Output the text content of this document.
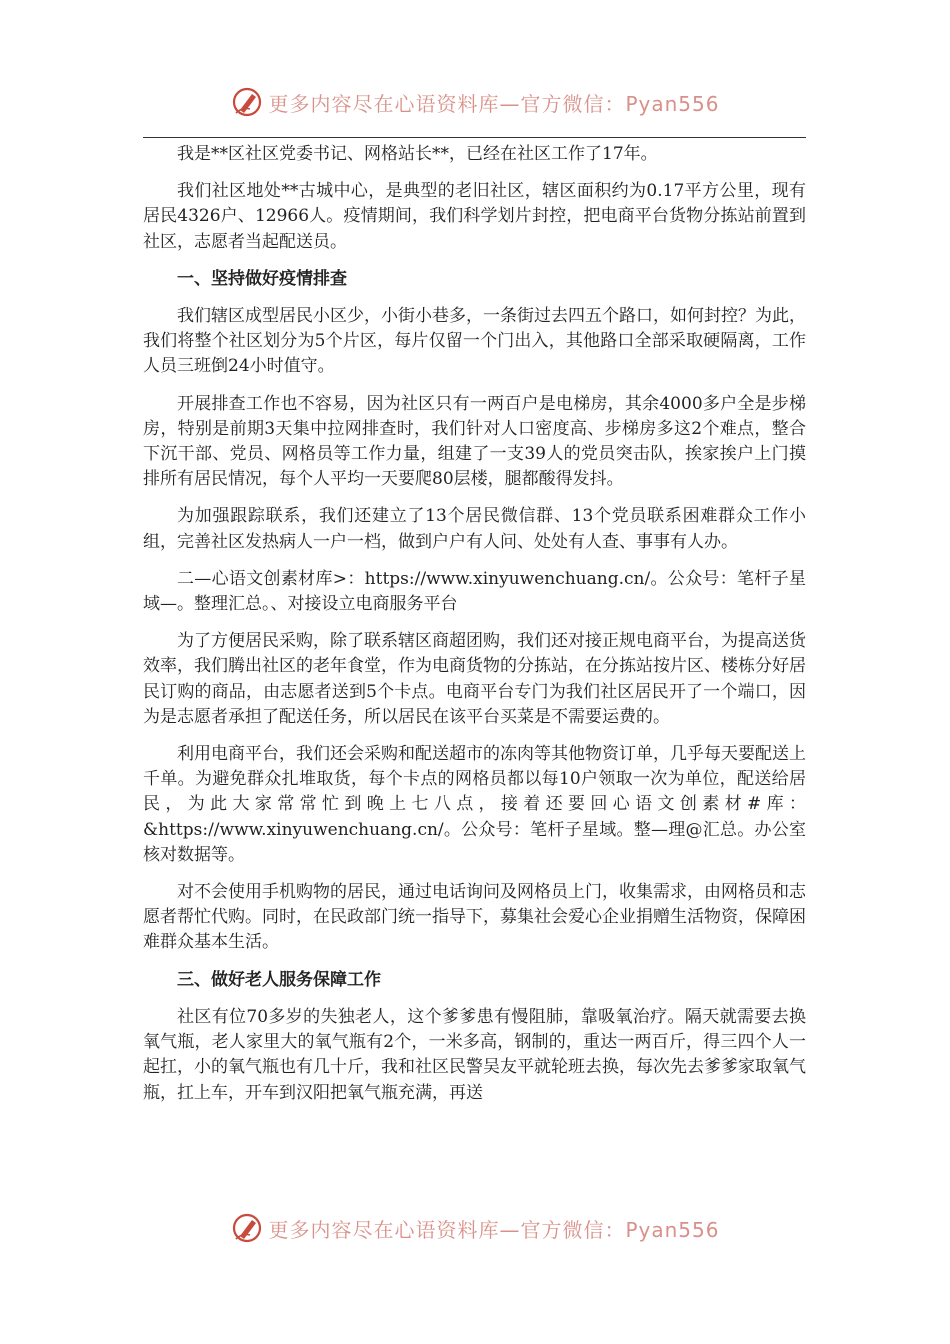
更多内容尽在心语资料库—官方微信：Pyan556

我是**区社区党委书记、网格站长**，已经在社区工作了17年。

我们社区地处**古城中心，是典型的老旧社区，辖区面积约为0.17平方公里，现有居民4326户、12966人。疫情期间，我们科学划片封控，把电商平台货物分拣站前置到社区，志愿者当起配送员。

一、坚持做好疫情排查

我们辖区成型居民小区少，小街小巷多，一条街过去四五个路口，如何封控？为此，我们将整个社区划分为5个片区，每片仅留一个门出入，其他路口全部采取硬隔离，工作人员三班倒24小时值守。

开展排查工作也不容易，因为社区只有一两百户是电梯房，其余4000多户全是步梯房，特别是前期3天集中拉网排查时，我们针对人口密度高、步梯房多这2个难点，整合下沉干部、党员、网格员等工作力量，组建了一支39人的党员突击队，挨家挨户上门摸排所有居民情况，每个人平均一天要爬80层楼，腿都酸得发抖。

为加强跟踪联系，我们还建立了13个居民微信群、13个党员联系困难群众工作小组，完善社区发热病人一户一档，做到户户有人问、处处有人查、事事有人办。

二—心语文创素材库>：https://www.xinyuwenchuang.cn/。公众号：笔杆子星域—。整理汇总。、对接设立电商服务平台

为了方便居民采购，除了联系辖区商超团购，我们还对接正规电商平台，为提高送货效率，我们腾出社区的老年食堂，作为电商货物的分拣站，在分拣站按片区、楼栋分好居民订购的商品，由志愿者送到5个卡点。电商平台专门为我们社区居民开了一个端口，因为是志愿者承担了配送任务，所以居民在该平台买菜是不需要运费的。

利用电商平台，我们还会采购和配送超市的冻肉等其他物资订单，几乎每天要配送上千单。为避免群众扎堆取货，每个卡点的网格员都以每10户领取一次为单位，配送给居民，为此大家常常忙到晚上七八点，接着还要回心语文创素材#库：&https://www.xinyuwenchuang.cn/。公众号：笔杆子星域。整—理@汇总。办公室核对数据等。

对不会使用手机购物的居民，通过电话询问及网格员上门，收集需求，由网格员和志愿者帮忙代购。同时，在民政部门统一指导下，募集社会爱心企业捐赠生活物资，保障困难群众基本生活。

三、做好老人服务保障工作

社区有位70多岁的失独老人，这个爹爹患有慢阻肺，靠吸氧治疗。隔天就需要去换氧气瓶，老人家里大的氧气瓶有2个，一米多高，钢制的，重达一两百斤，得三四个人一起扛，小的氧气瓶也有几十斤，我和社区民警吴友平就轮班去换，每次先去爹爹家取氧气瓶，扛上车，开车到汉阳把氧气瓶充满，再送

更多内容尽在心语资料库—官方微信：Pyan556
